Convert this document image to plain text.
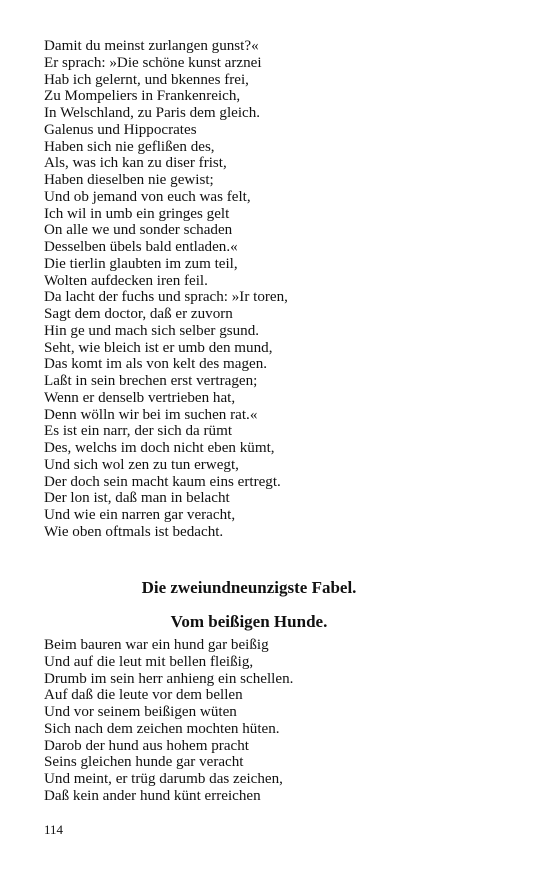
Damit du meinst zurlangen gunst?«
Er sprach: »Die schöne kunst arznei
Hab ich gelernt, und bkennes frei,
Zu Mompeliers in Frankenreich,
In Welschland, zu Paris dem gleich.
Galenus und Hippocrates
Haben sich nie geflißen des,
Als, was ich kan zu diser frist,
Haben dieselben nie gewist;
Und ob jemand von euch was felt,
Ich wil in umb ein gringes gelt
On alle we und sonder schaden
Desselben übels bald entladen.«
Die tierlin glaubten im zum teil,
Wolten aufdecken iren feil.
Da lacht der fuchs und sprach: »Ir toren,
Sagt dem doctor, daß er zuvorn
Hin ge und mach sich selber gsund.
Seht, wie bleich ist er umb den mund,
Das komt im als von kelt des magen.
Laßt in sein brechen erst vertragen;
Wenn er denselb vertrieben hat,
Denn wölln wir bei im suchen rat.«
Es ist ein narr, der sich da rümt
Des, welchs im doch nicht eben kümt,
Und sich wol zen zu tun erwegt,
Der doch sein macht kaum eins ertregt.
Der lon ist, daß man in belacht
Und wie ein narren gar veracht,
Wie oben oftmals ist bedacht.
Die zweiundneunzigste Fabel.
Vom beißigen Hunde.
Beim bauren war ein hund gar beißig
Und auf die leut mit bellen fleißig,
Drumb im sein herr anhieng ein schellen.
Auf daß die leute vor dem bellen
Und vor seinem beißigen wüten
Sich nach dem zeichen mochten hüten.
Darob der hund aus hohem pracht
Seins gleichen hunde gar veracht
Und meint, er trüg darumb das zeichen,
Daß kein ander hund künt erreichen
114
